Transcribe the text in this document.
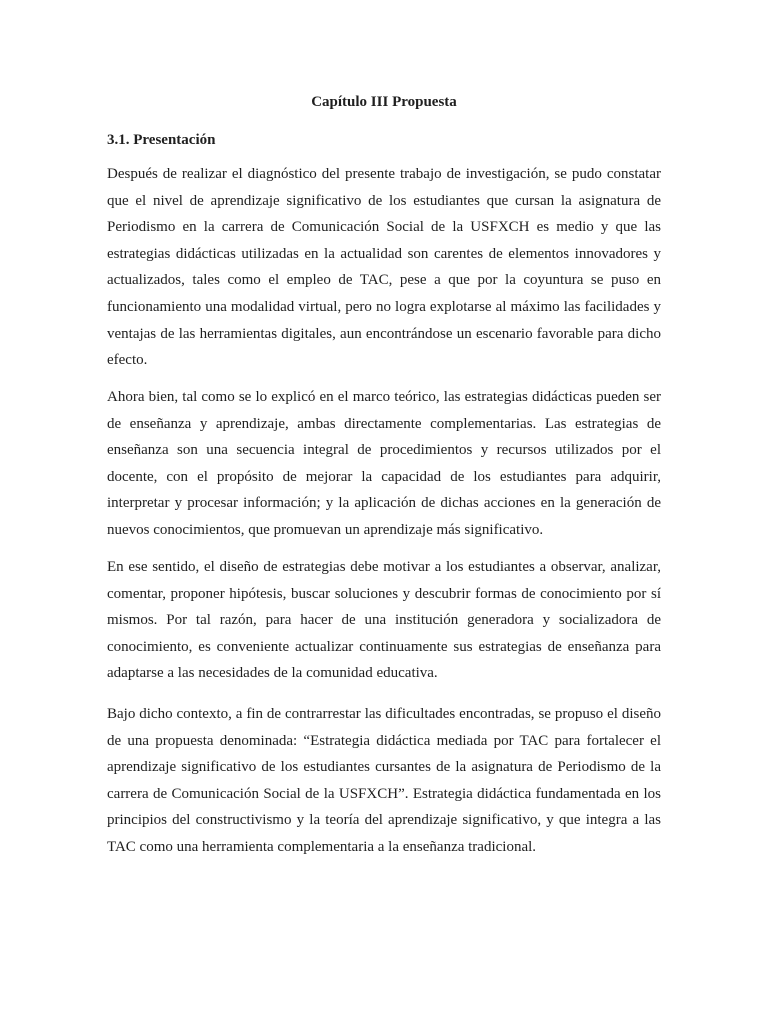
Capítulo III Propuesta
3.1. Presentación

Después de realizar el diagnóstico del presente trabajo de investigación, se pudo constatar que el nivel de aprendizaje significativo de los estudiantes que cursan la asignatura de Periodismo en la carrera de Comunicación Social de la USFXCH es medio y que las estrategias didácticas utilizadas en la actualidad son carentes de elementos innovadores y actualizados, tales como el empleo de TAC, pese a que por la coyuntura se puso en funcionamiento una modalidad virtual, pero no logra explotarse al máximo las facilidades y ventajas de las herramientas digitales, aun encontrándose un escenario favorable para dicho efecto.

Ahora bien, tal como se lo explicó en el marco teórico, las estrategias didácticas pueden ser de enseñanza y aprendizaje, ambas directamente complementarias. Las estrategias de enseñanza son una secuencia integral de procedimientos y recursos utilizados por el docente, con el propósito de mejorar la capacidad de los estudiantes para adquirir, interpretar y procesar información; y la aplicación de dichas acciones en la generación de nuevos conocimientos, que promuevan un aprendizaje más significativo.

En ese sentido, el diseño de estrategias debe motivar a los estudiantes a observar, analizar, comentar, proponer hipótesis, buscar soluciones y descubrir formas de conocimiento por sí mismos. Por tal razón, para hacer de una institución generadora y socializadora de conocimiento, es conveniente actualizar continuamente sus estrategias de enseñanza para adaptarse a las necesidades de la comunidad educativa.

Bajo dicho contexto, a fin de contrarrestar las dificultades encontradas, se propuso el diseño de una propuesta denominada: “Estrategia didáctica mediada por TAC para fortalecer el aprendizaje significativo de los estudiantes cursantes de la asignatura de Periodismo de la carrera de Comunicación Social de la USFXCH”. Estrategia didáctica fundamentada en los principios del constructivismo y la teoría del aprendizaje significativo, y que integra a las TAC como una herramienta complementaria a la enseñanza tradicional.
